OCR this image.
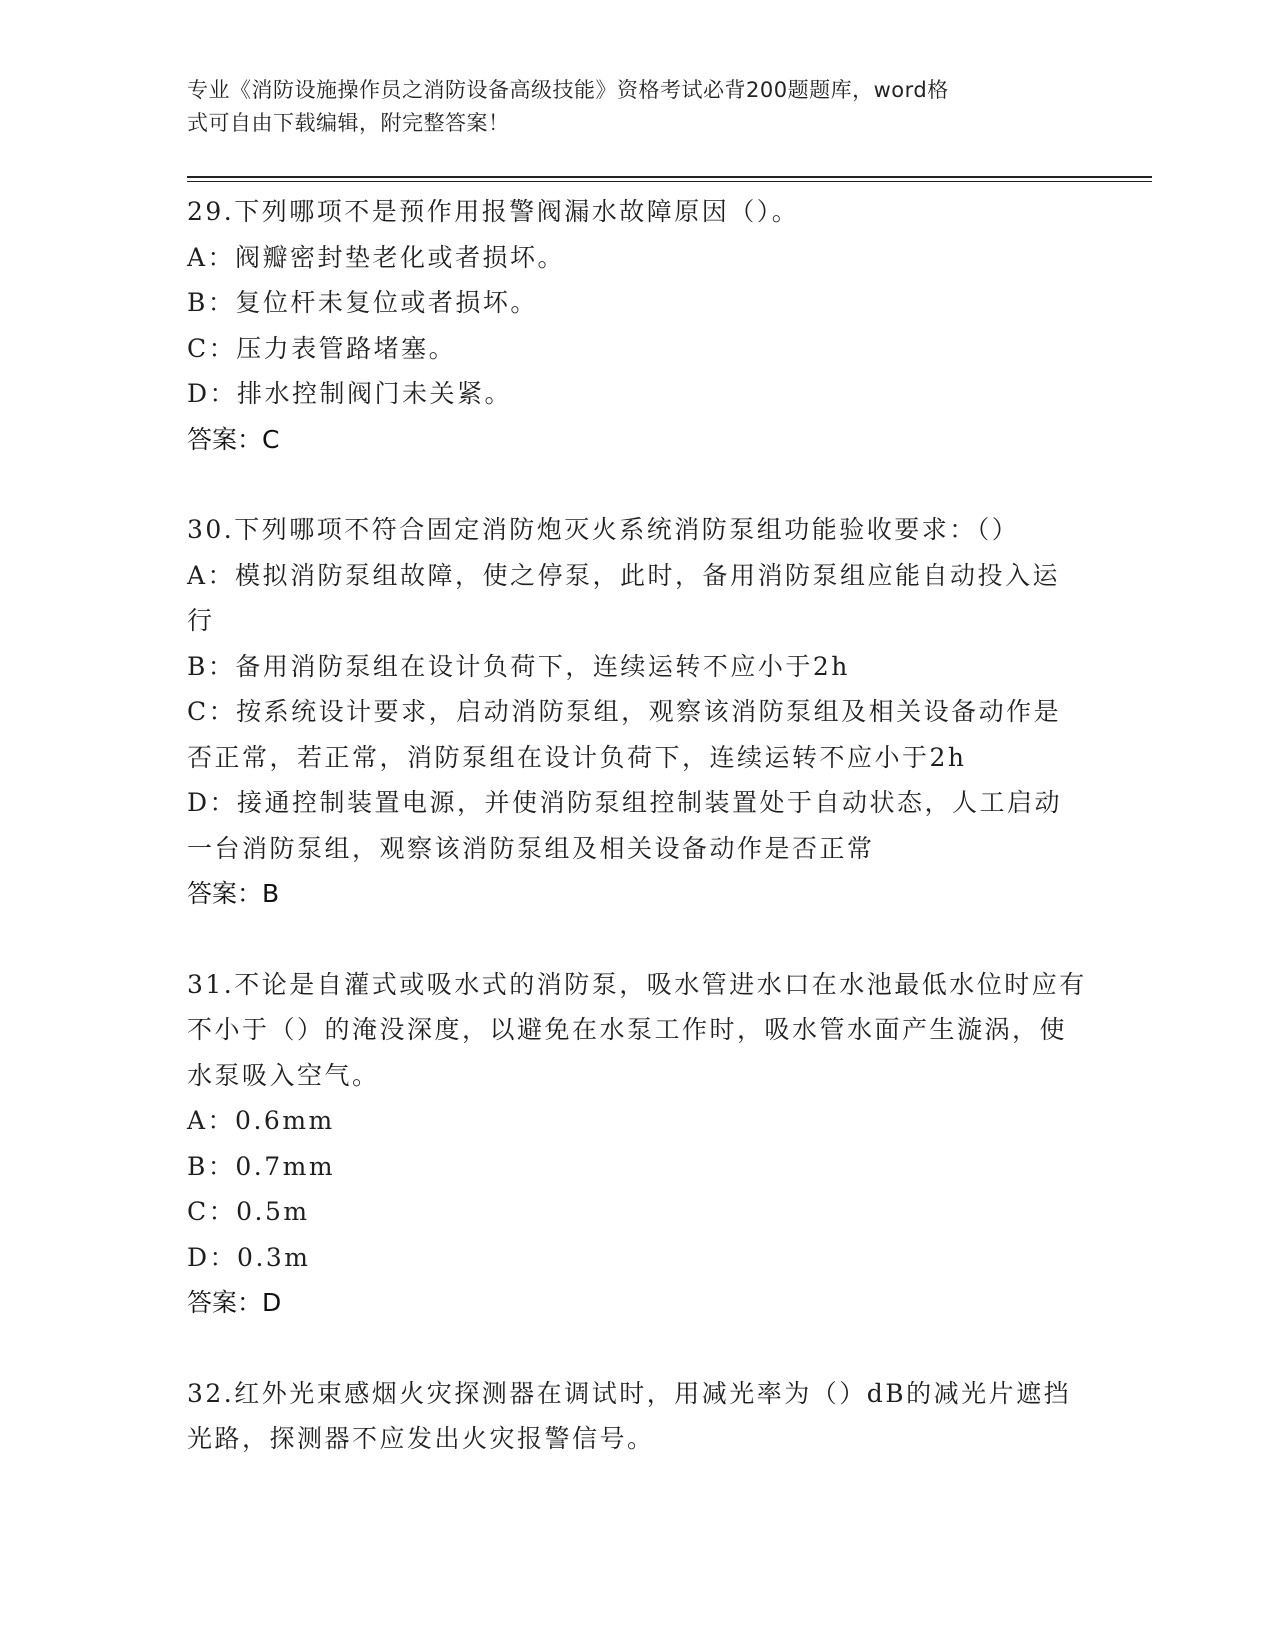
专业《消防设施操作员之消防设备高级技能》资格考试必背200题题库，word格
式可自由下载编辑，附完整答案！
29.下列哪项不是预作用报警阀漏水故障原因（）。
A：阀瓣密封垫老化或者损坏。
B：复位杆未复位或者损坏。
C：压力表管路堵塞。
D：排水控制阀门未关紧。
答案：C
30.下列哪项不符合固定消防炮灭火系统消防泵组功能验收要求：（）
A：模拟消防泵组故障，使之停泵，此时，备用消防泵组应能自动投入运行
B：备用消防泵组在设计负荷下，连续运转不应小于2h
C：按系统设计要求，启动消防泵组，观察该消防泵组及相关设备动作是否正常，若正常，消防泵组在设计负荷下，连续运转不应小于2h
D：接通控制装置电源，并使消防泵组控制装置处于自动状态，人工启动一台消防泵组，观察该消防泵组及相关设备动作是否正常
答案：B
31.不论是自灌式或吸水式的消防泵，吸水管进水口在水池最低水位时应有不小于（）的淹没深度，以避免在水泵工作时，吸水管水面产生漩涡，使水泵吸入空气。
A：0.6mm
B：0.7mm
C：0.5m
D：0.3m
答案：D
32.红外光束感烟火灾探测器在调试时，用减光率为（）dB的减光片遮挡光路，探测器不应发出火灾报警信号。
